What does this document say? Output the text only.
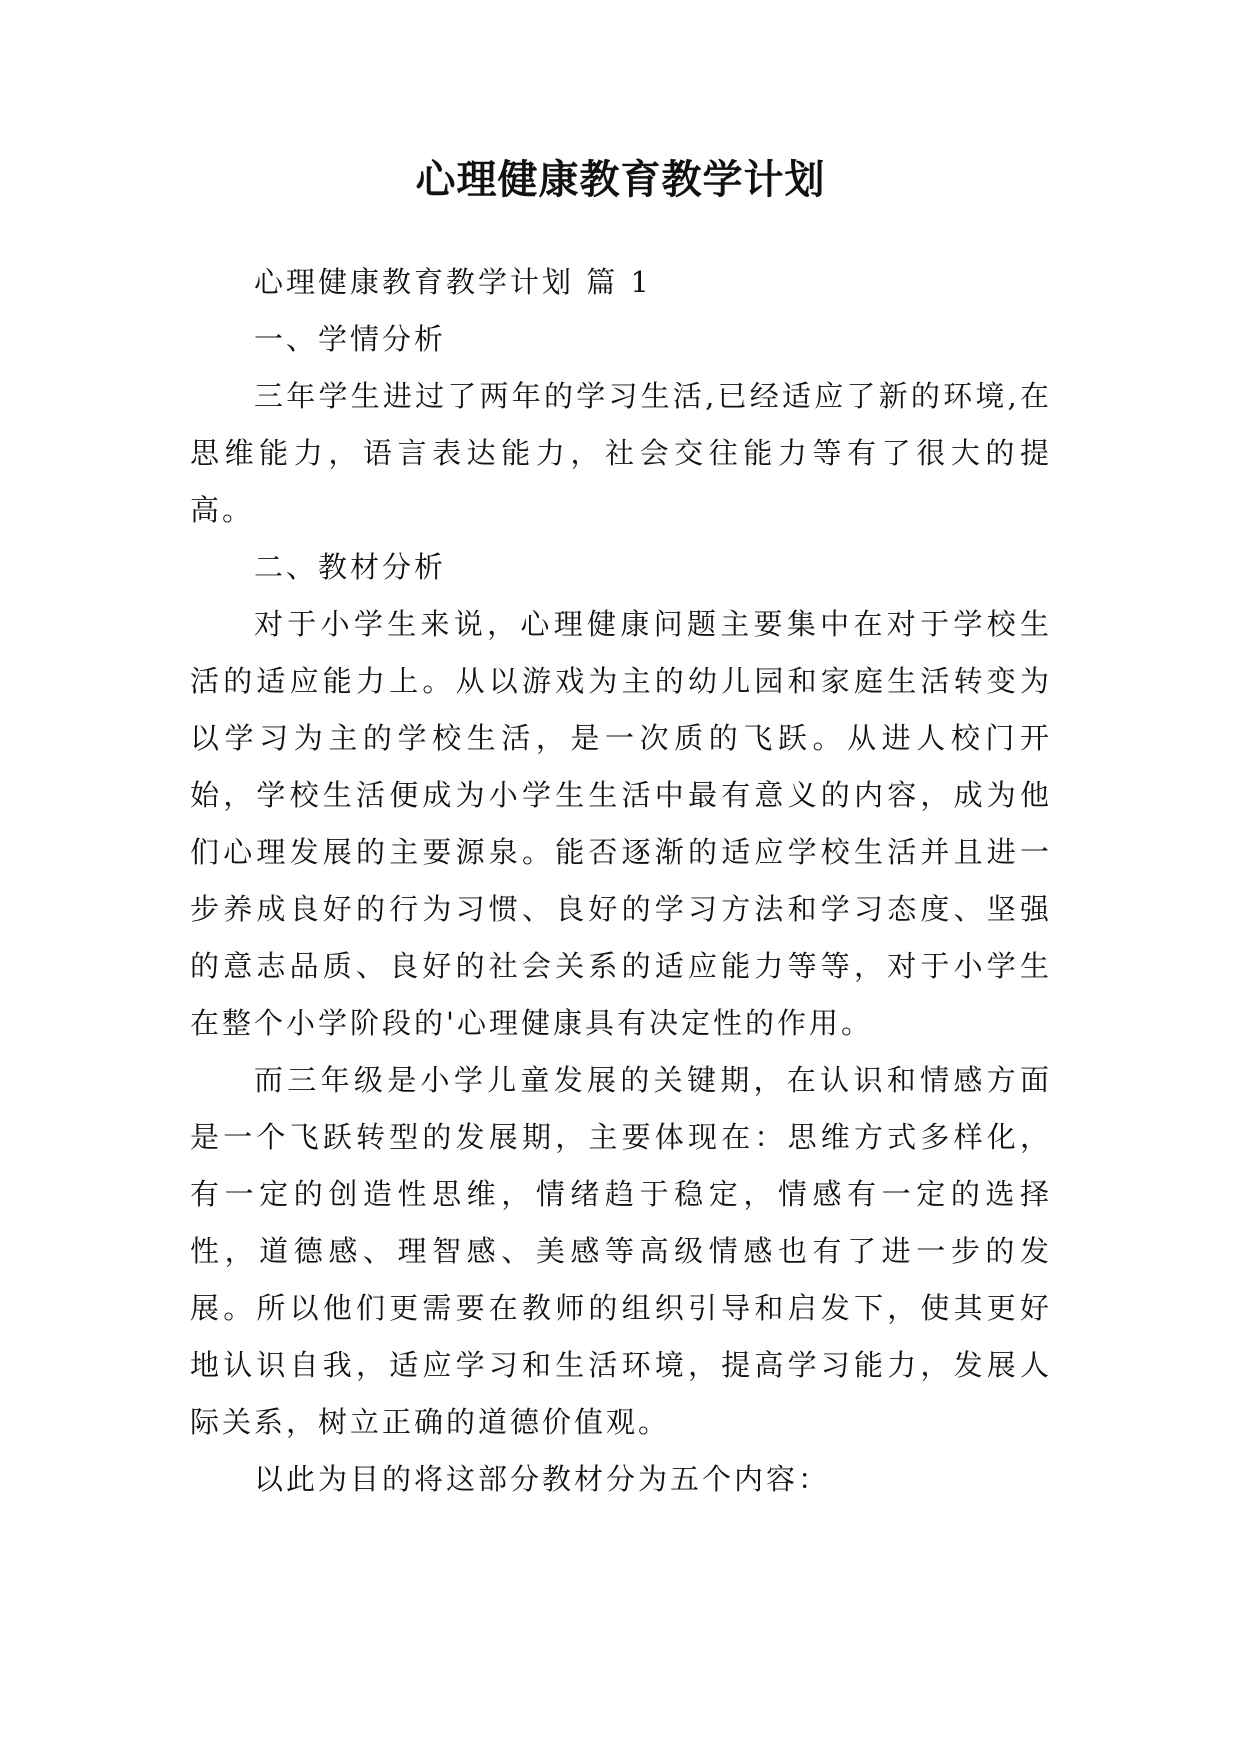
心理健康教育教学计划

心理健康教育教学计划 篇 1

一、学情分析

三年学生进过了两年的学习生活,已经适应了新的环境,在思维能力，语言表达能力，社会交往能力等有了很大的提高。

二、教材分析

对于小学生来说，心理健康问题主要集中在对于学校生活的适应能力上。从以游戏为主的幼儿园和家庭生活转变为以学习为主的学校生活，是一次质的飞跃。从进人校门开始，学校生活便成为小学生生活中最有意义的内容，成为他们心理发展的主要源泉。能否逐渐的适应学校生活并且进一步养成良好的行为习惯、良好的学习方法和学习态度、坚强的意志品质、良好的社会关系的适应能力等等，对于小学生在整个小学阶段的'心理健康具有决定性的作用。

而三年级是小学儿童发展的关键期，在认识和情感方面是一个飞跃转型的发展期，主要体现在：思维方式多样化，有一定的创造性思维，情绪趋于稳定，情感有一定的选择性，道德感、理智感、美感等高级情感也有了进一步的发展。所以他们更需要在教师的组织引导和启发下，使其更好地认识自我，适应学习和生活环境，提高学习能力，发展人际关系，树立正确的道德价值观。

以此为目的将这部分教材分为五个内容：
